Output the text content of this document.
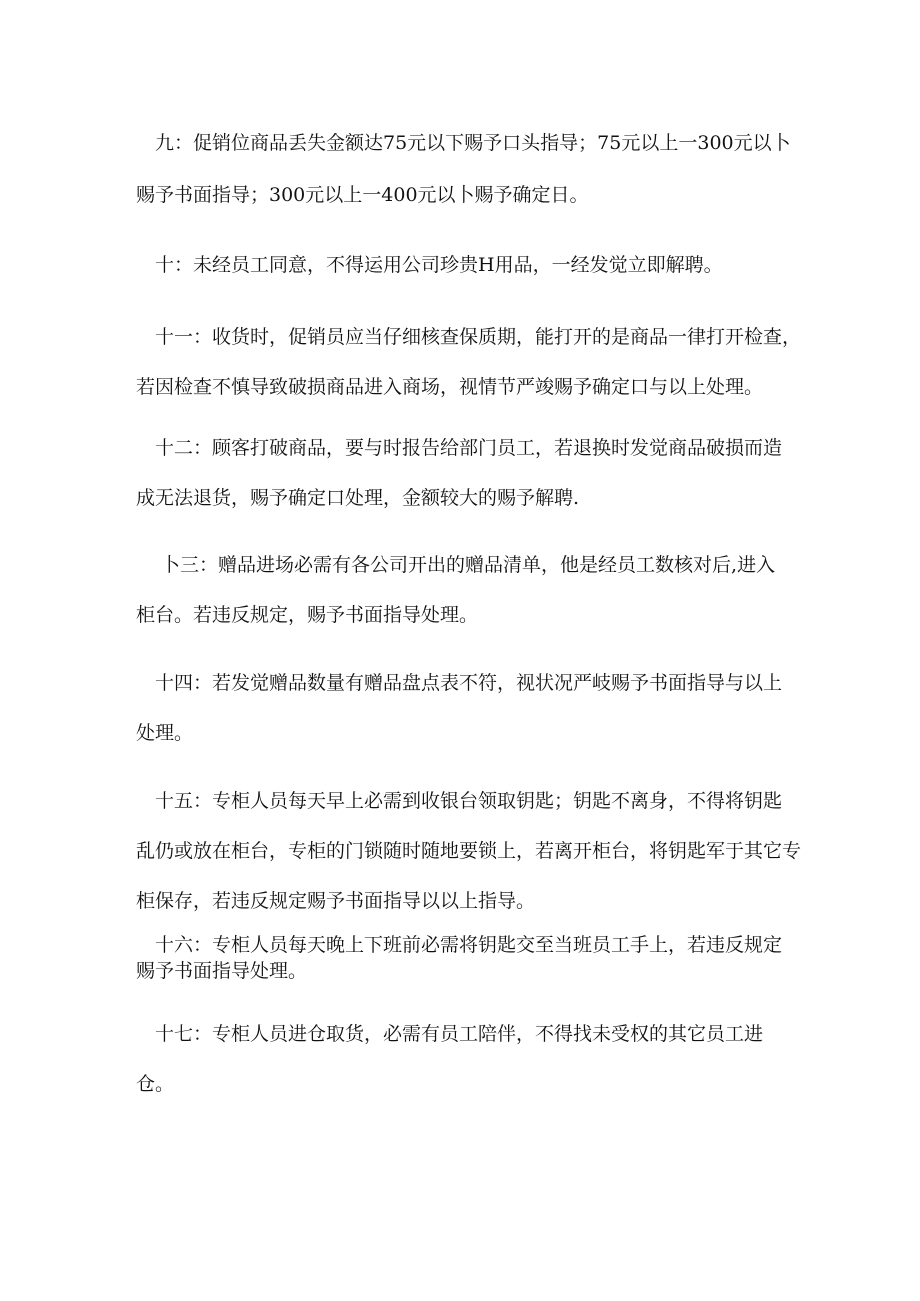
　九：促销位商品丢失金额达75元以下赐予口头指导；75元以上一300元以卜
赐予书面指导；300元以上一400元以卜赐予确定日。

　十：未经员工同意，不得运用公司珍贵H用品，一经发觉立即解聘。

　十一：收货时，促销员应当仔细核查保质期，能打开的是商品一律打开检查，
若因检查不慎导致破损商品进入商场，视情节严竣赐予确定口与以上处理。

　十二：顾客打破商品，要与时报告给部门员工，若退换时发觉商品破损而造
成无法退货，赐予确定口处理，金额较大的赐予解聘.

　 卜三：赠品进场必需有各公司开出的赠品清单，他是经员工数核对后,进入
柜台。若违反规定，赐予书面指导处理。

　十四：若发觉赠品数量有赠品盘点表不符，视状况严岐赐予书面指导与以上
处理。

　十五：专柜人员每天早上必需到收银台领取钥匙；钥匙不离身，不得将钥匙
乱仍或放在柜台，专柜的门锁随时随地要锁上，若离开柜台，将钥匙军于其它专
柜保存，若违反规定赐予书面指导以以上指导。

　十六：专柜人员每天晚上下班前必需将钥匙交至当班员工手上，若违反规定
赐予书面指导处理。

　十七：专柜人员进仓取货，必需有员工陪伴，不得找未受权的其它员工进
仓。
